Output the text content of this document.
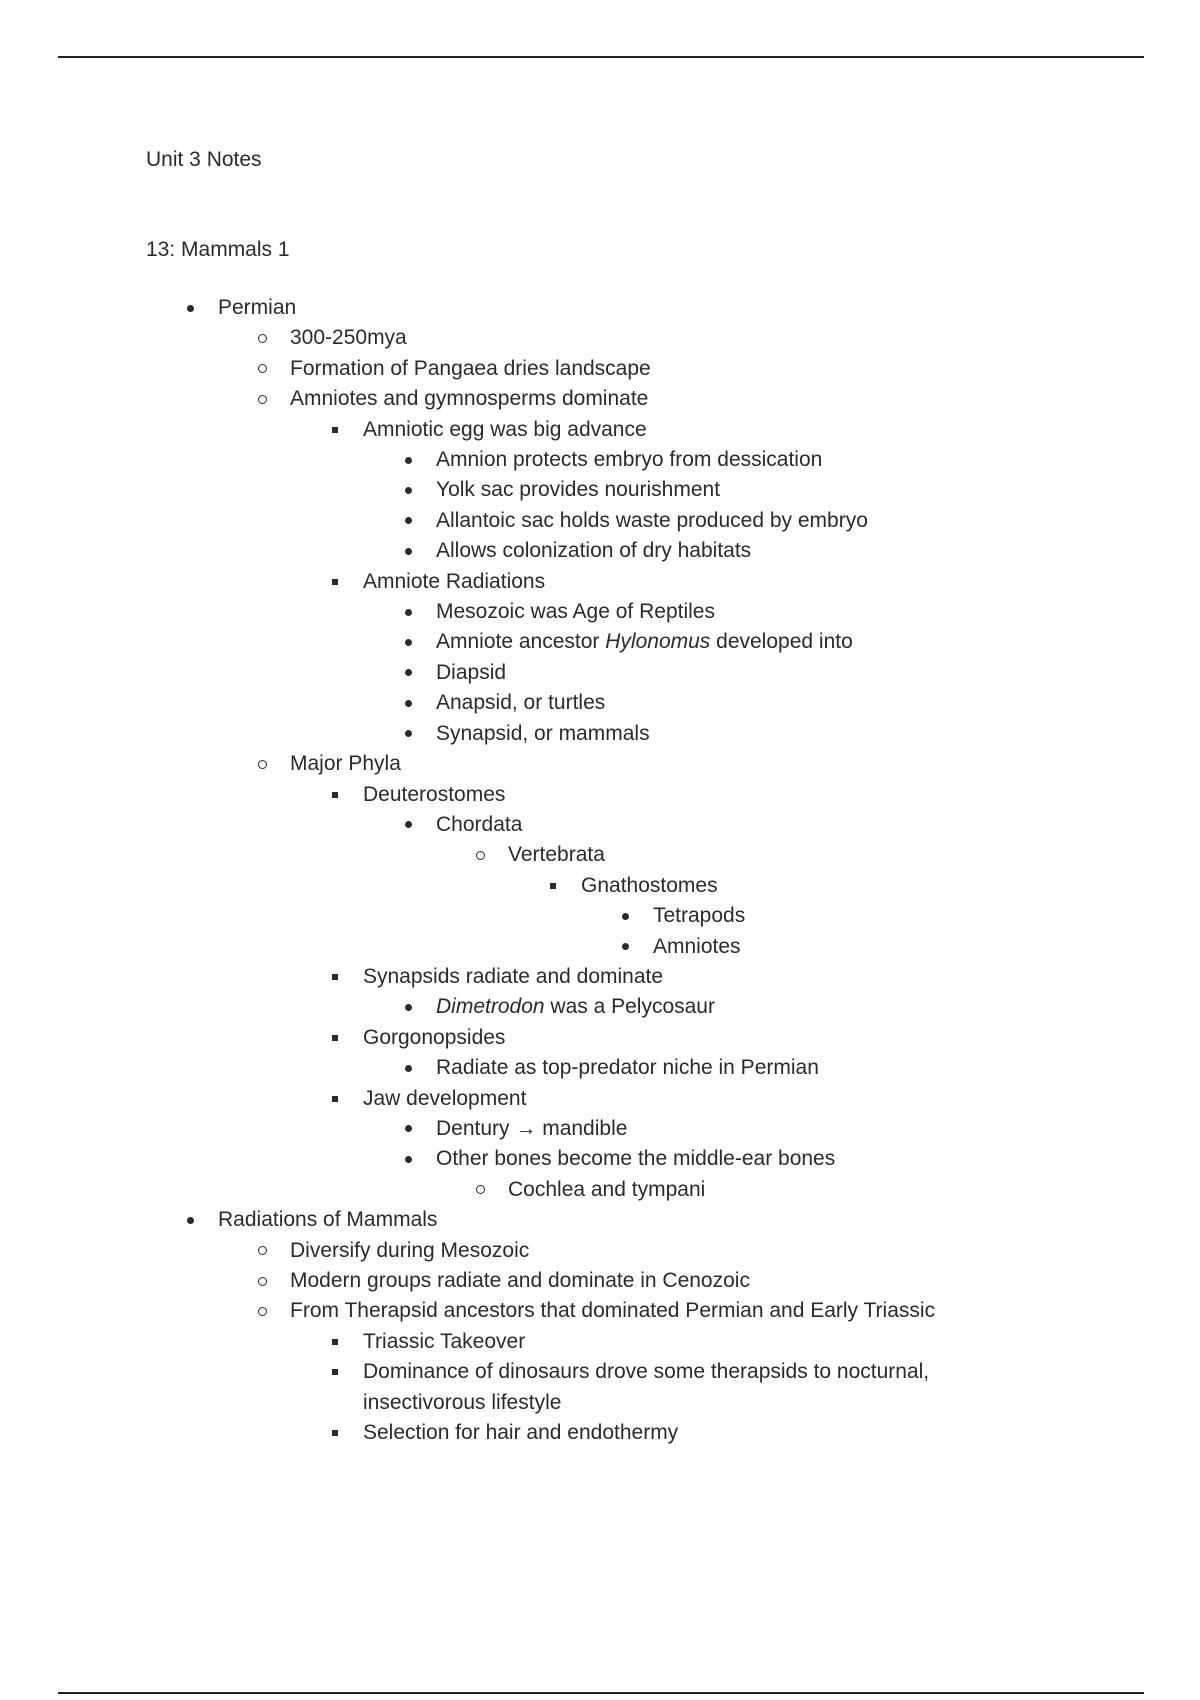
Unit 3 Notes

13: Mammals 1

Permian
300-250mya
Formation of Pangaea dries landscape
Amniotes and gymnosperms dominate
Amniotic egg was big advance
Amnion protects embryo from dessication
Yolk sac provides nourishment
Allantoic sac holds waste produced by embryo
Allows colonization of dry habitats
Amniote Radiations
Mesozoic was Age of Reptiles
Amniote ancestor Hylonomus developed into
Diapsid
Anapsid, or turtles
Synapsid, or mammals
Major Phyla
Deuterostomes
Chordata
Vertebrata
Gnathostomes
Tetrapods
Amniotes
Synapsids radiate and dominate
Dimetrodon was a Pelycosaur
Gorgonopsides
Radiate as top-predator niche in Permian
Jaw development
Dentury → mandible
Other bones become the middle-ear bones
Cochlea and tympani
Radiations of Mammals
Diversify during Mesozoic
Modern groups radiate and dominate in Cenozoic
From Therapsid ancestors that dominated Permian and Early Triassic
Triassic Takeover
Dominance of dinosaurs drove some therapsids to nocturnal, insectivorous lifestyle
Selection for hair and endothermy
